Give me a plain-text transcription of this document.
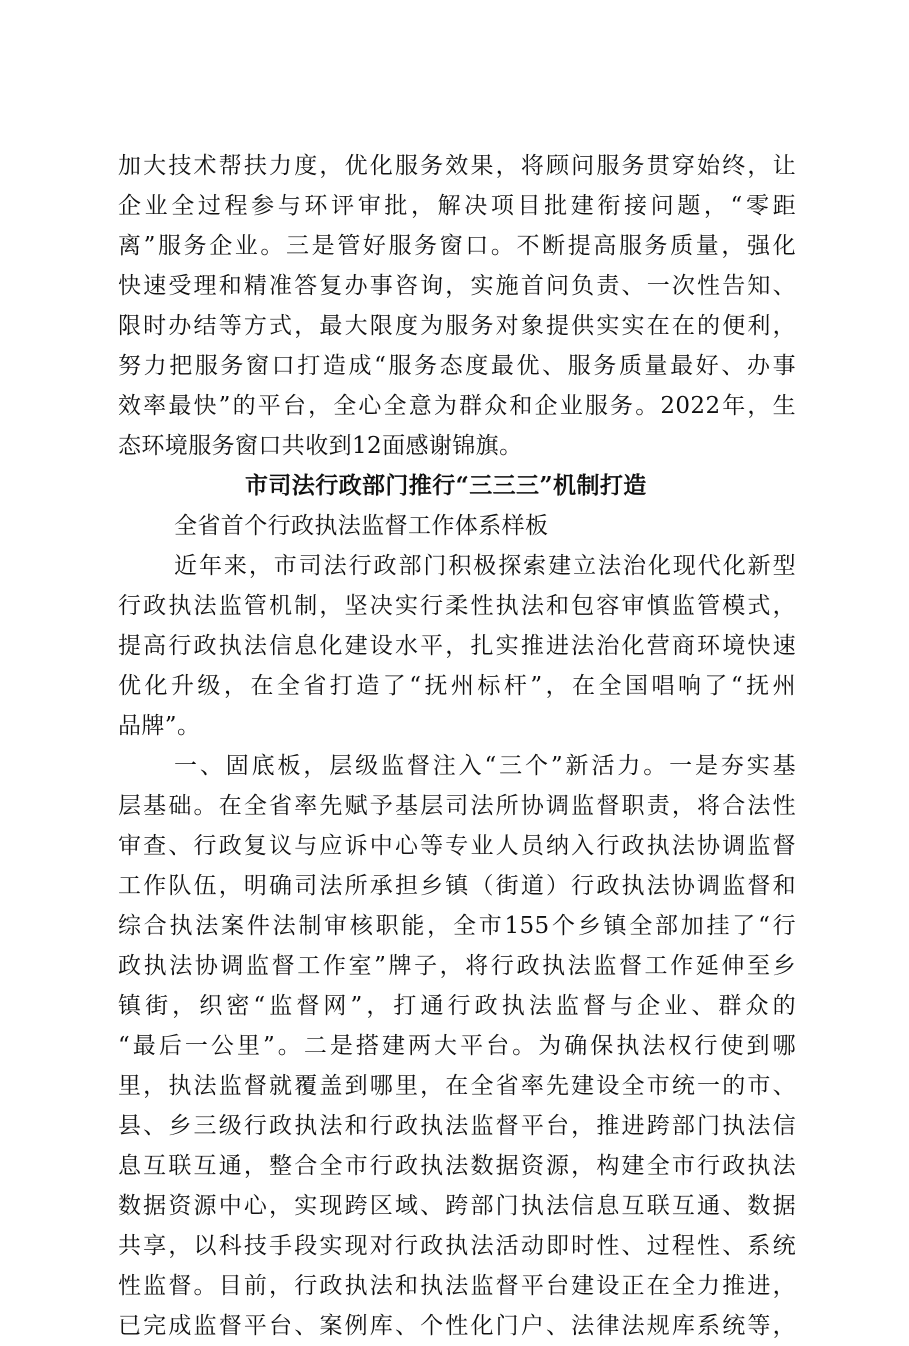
加大技术帮扶力度，优化服务效果，将顾问服务贯穿始终，让
企业全过程参与环评审批，解决项目批建衔接问题，“零距
离”服务企业。三是管好服务窗口。不断提高服务质量，强化
快速受理和精准答复办事咨询，实施首问负责、一次性告知、
限时办结等方式，最大限度为服务对象提供实实在在的便利，
努力把服务窗口打造成“服务态度最优、服务质量最好、办事
效率最快”的平台，全心全意为群众和企业服务。2022年，生
态环境服务窗口共收到12面感谢锦旗。
市司法行政部门推行“三三三”机制打造
全省首个行政执法监督工作体系样板
近年来，市司法行政部门积极探索建立法治化现代化新型
行政执法监管机制，坚决实行柔性执法和包容审慎监管模式，
提高行政执法信息化建设水平，扎实推进法治化营商环境快速
优化升级，在全省打造了“抚州标杆”，在全国唱响了“抚州
品牌”。
一、固底板，层级监督注入“三个”新活力。一是夯实基
层基础。在全省率先赋予基层司法所协调监督职责，将合法性
审查、行政复议与应诉中心等专业人员纳入行政执法协调监督
工作队伍，明确司法所承担乡镇（街道）行政执法协调监督和
综合执法案件法制审核职能，全市155个乡镇全部加挂了“行
政执法协调监督工作室”牌子，将行政执法监督工作延伸至乡
镇街，织密“监督网”，打通行政执法监督与企业、群众的
“最后一公里”。二是搭建两大平台。为确保执法权行使到哪
里，执法监督就覆盖到哪里，在全省率先建设全市统一的市、
县、乡三级行政执法和行政执法监督平台，推进跨部门执法信
息互联互通，整合全市行政执法数据资源，构建全市行政执法
数据资源中心，实现跨区域、跨部门执法信息互联互通、数据
共享，以科技手段实现对行政执法活动即时性、过程性、系统
性监督。目前，行政执法和执法监督平台建设正在全力推进，
已完成监督平台、案例库、个性化门户、法律法规库系统等，
